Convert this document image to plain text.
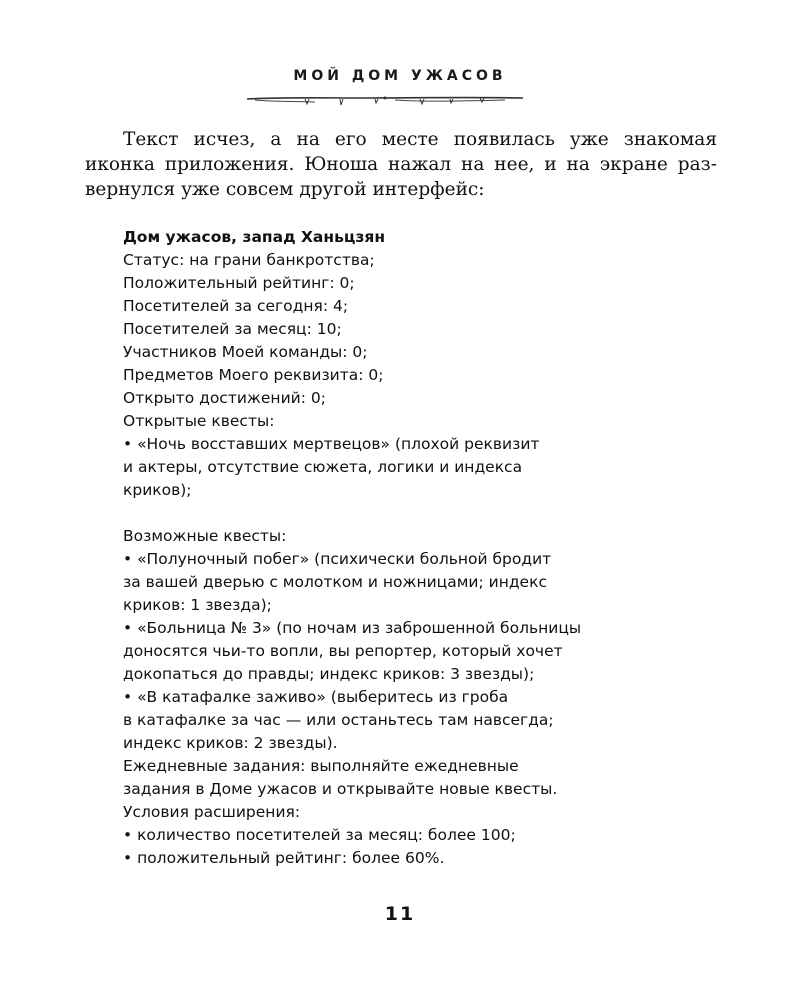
МОЙ ДОМ УЖАСОВ

Текст исчез, а на его месте появилась уже знакомая
иконка приложения. Юноша нажал на нее, и на экране раз-
вернулся уже совсем другой интерфейс:

Дом ужасов, запад Ханьцзян
Статус: на грани банкротства;
Положительный рейтинг: 0;
Посетителей за сегодня: 4;
Посетителей за месяц: 10;
Участников Моей команды: 0;
Предметов Моего реквизита: 0;
Открыто достижений: 0;
Открытые квесты:
• «Ночь восставших мертвецов» (плохой реквизит
и актеры, отсутствие сюжета, логики и индекса
криков);
Возможные квесты:
• «Полуночный побег» (психически больной бродит
за вашей дверью с молотком и ножницами; индекс
криков: 1 звезда);
• «Больница № 3» (по ночам из заброшенной больницы
доносятся чьи-то вопли, вы репортер, который хочет
докопаться до правды; индекс криков: 3 звезды);
• «В катафалке заживо» (выберитесь из гроба
в катафалке за час — или останьтесь там навсегда;
индекс криков: 2 звезды).
Ежедневные задания: выполняйте ежедневные
задания в Доме ужасов и открывайте новые квесты.
Условия расширения:
• количество посетителей за месяц: более 100;
• положительный рейтинг: более 60%.
11
